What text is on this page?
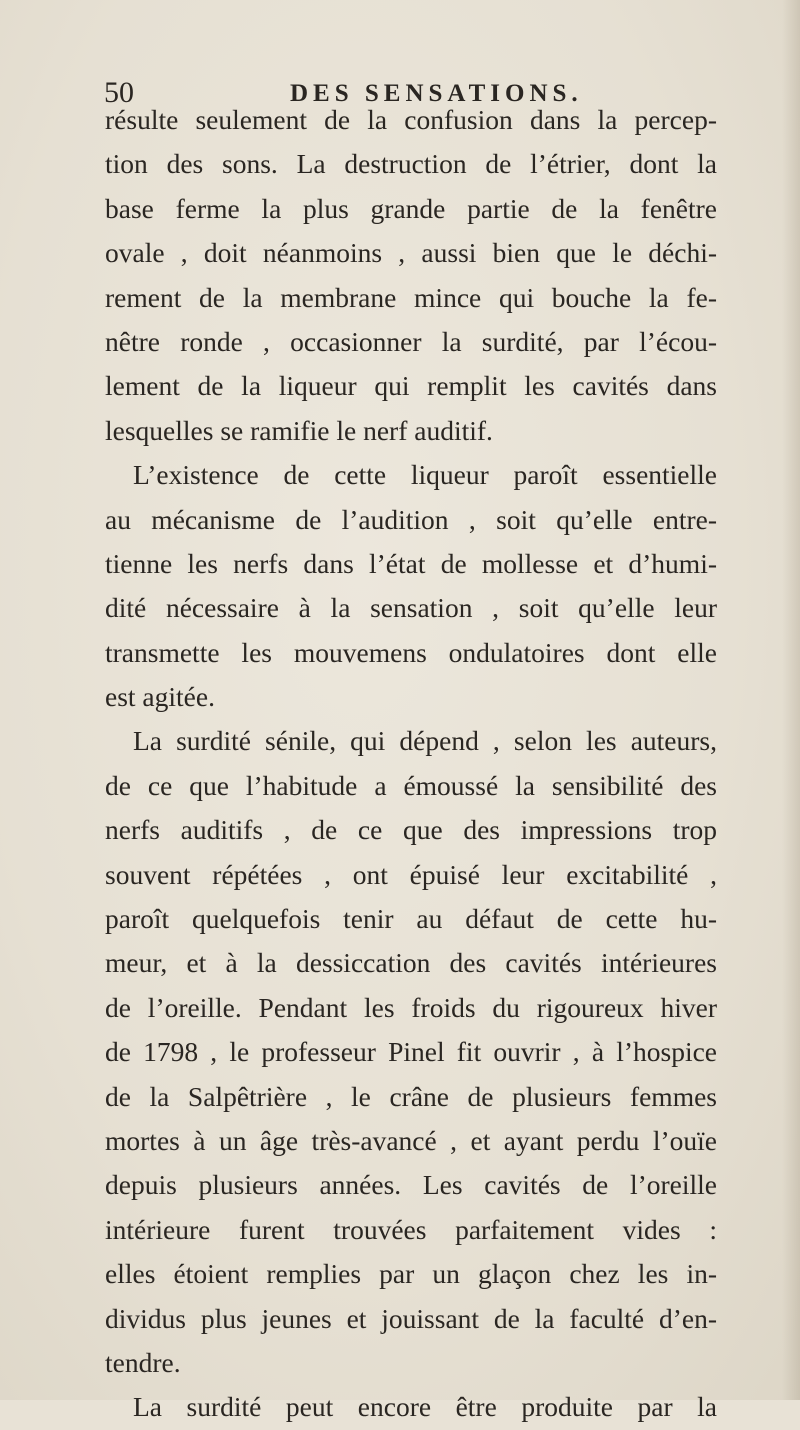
50	DES SENSATIONS.
résulte seulement de la confusion dans la percep-
tion des sons. La destruction de l’étrier, dont la
base ferme la plus grande partie de la fenêtre
ovale , doit néanmoins , aussi bien que le déchi-
rement de la membrane mince qui bouche la fe-
nêtre ronde , occasionner la surdité, par l’écou-
lement de la liqueur qui remplit les cavités dans
lesquelles se ramifie le nerf auditif.
L’existence de cette liqueur paroît essentielle
au mécanisme de l’audition , soit qu’elle entre-
tienne les nerfs dans l’état de mollesse et d’humi-
dité nécessaire à la sensation , soit qu’elle leur
transmette les mouvemens ondulatoires dont elle
est agitée.
La surdité sénile, qui dépend , selon les auteurs,
de ce que l’habitude a émoussé la sensibilité des
nerfs auditifs , de ce que des impressions trop
souvent répétées , ont épuisé leur excitabilité ,
paroît quelquefois tenir au défaut de cette hu-
meur, et à la dessiccation des cavités intérieures
de l’oreille. Pendant les froids du rigoureux hiver
de 1798 , le professeur Pinel fit ouvrir , à l’hospice
de la Salpêtrière , le crâne de plusieurs femmes
mortes à un âge très-avancé , et ayant perdu l’ouïe
depuis plusieurs années. Les cavités de l’oreille
intérieure furent trouvées parfaitement vides :
elles étoient remplies par un glaçon chez les in-
dividus plus jeunes et jouissant de la faculté d’en-
tendre.
La surdité peut encore être produite par la
